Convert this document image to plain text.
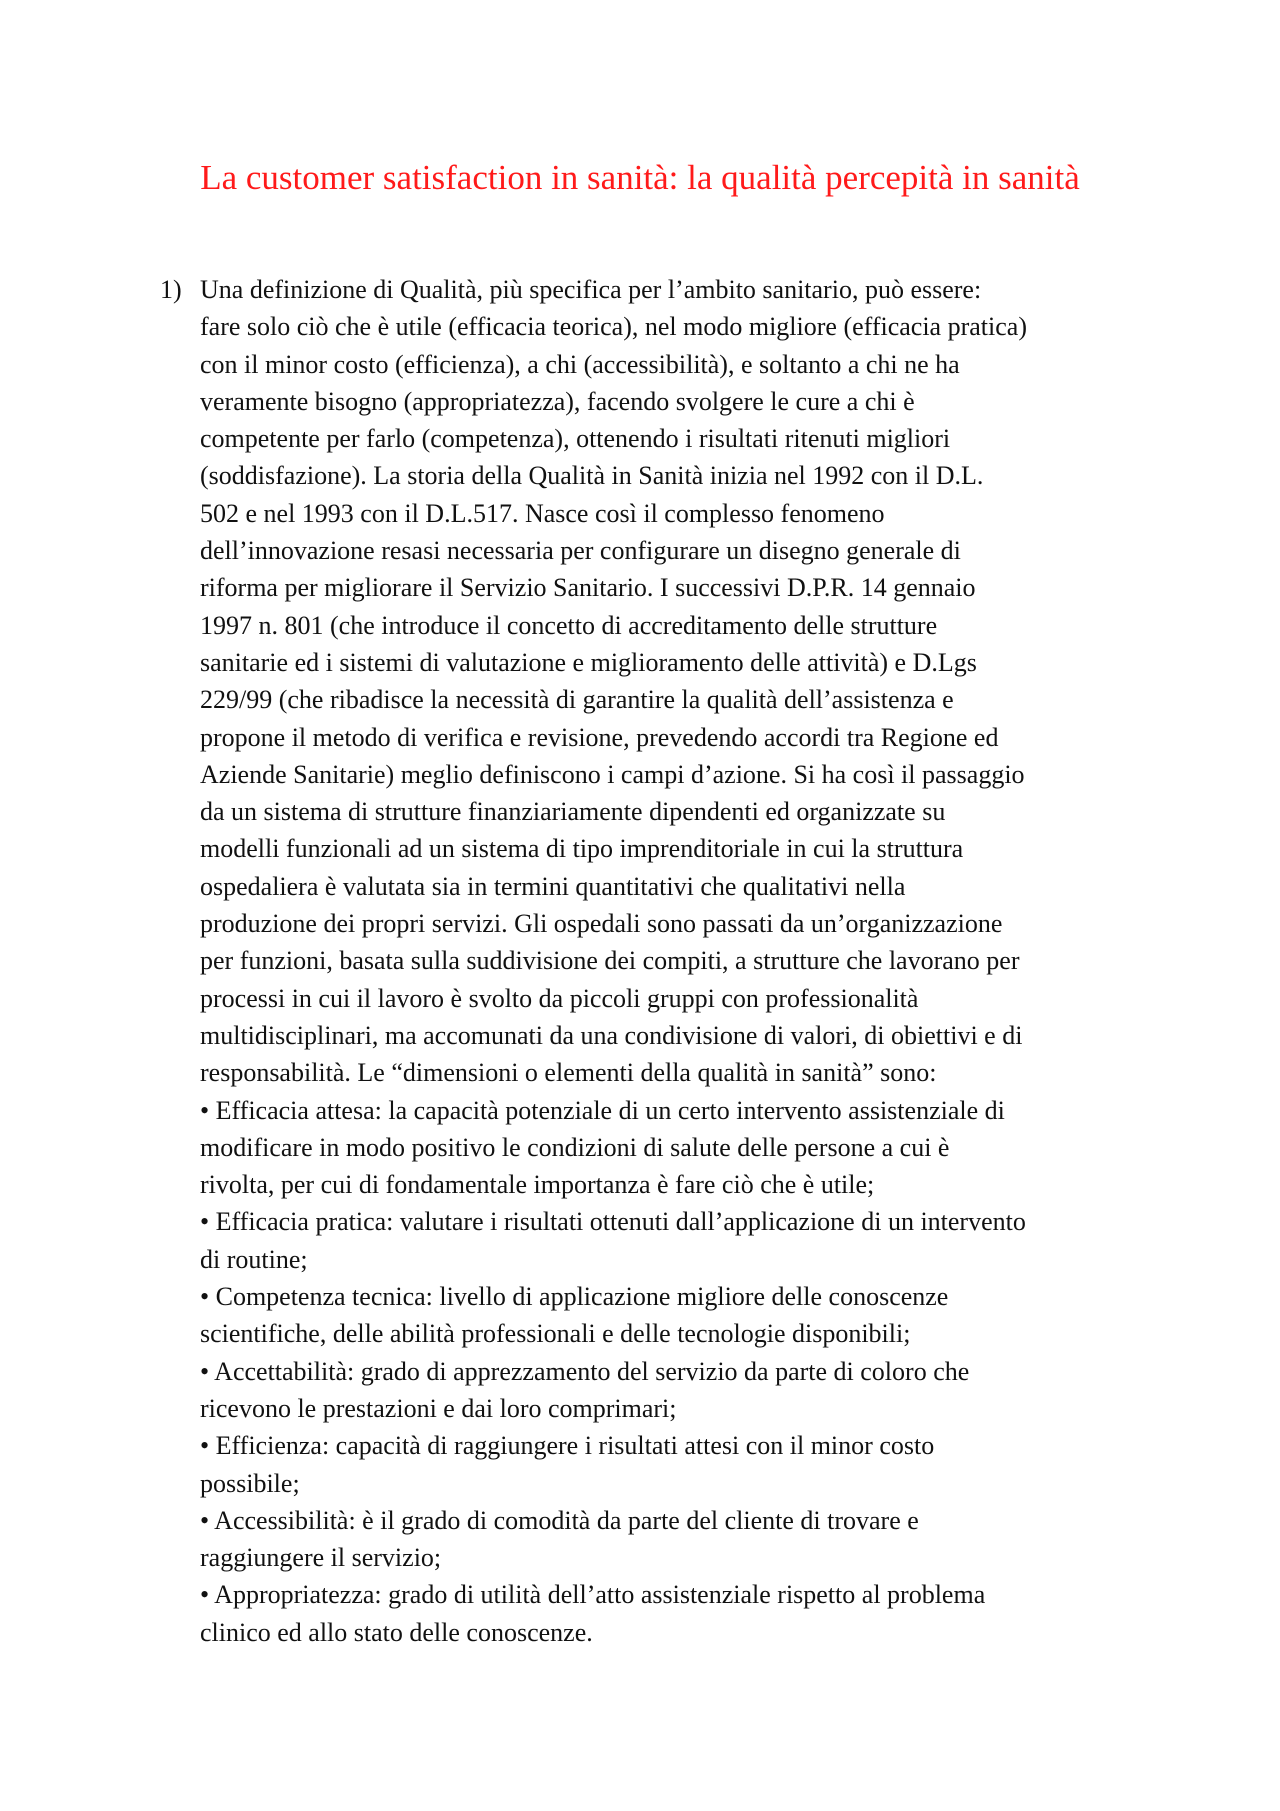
La customer satisfaction in sanità: la qualità percepità in sanità
1) Una definizione di Qualità, più specifica per l’ambito sanitario, può essere:
fare solo ciò che è utile (efficacia teorica), nel modo migliore (efficacia pratica)
con il minor costo (efficienza), a chi (accessibilità), e soltanto a chi ne ha
veramente bisogno (appropriatezza), facendo svolgere le cure a chi è
competente per farlo (competenza), ottenendo i risultati ritenuti migliori
(soddisfazione). La storia della Qualità in Sanità inizia nel 1992 con il D.L.
502 e nel 1993 con il D.L.517. Nasce così il complesso fenomeno
dell’innovazione resasi necessaria per configurare un disegno generale di
riforma per migliorare il Servizio Sanitario. I successivi D.P.R. 14 gennaio
1997 n. 801 (che introduce il concetto di accreditamento delle strutture
sanitarie ed i sistemi di valutazione e miglioramento delle attività) e D.Lgs
229/99 (che ribadisce la necessità di garantire la qualità dell’assistenza e
propone il metodo di verifica e revisione, prevedendo accordi tra Regione ed
Aziende Sanitarie) meglio definiscono i campi d’azione. Si ha così il passaggio
da un sistema di strutture finanziariamente dipendenti ed organizzate su
modelli funzionali ad un sistema di tipo imprenditoriale in cui la struttura
ospedaliera è valutata sia in termini quantitativi che qualitativi nella
produzione dei propri servizi. Gli ospedali sono passati da un’organizzazione
per funzioni, basata sulla suddivisione dei compiti, a strutture che lavorano per
processi in cui il lavoro è svolto da piccoli gruppi con professionalità
multidisciplinari, ma accomunati da una condivisione di valori, di obiettivi e di
responsabilità. Le “dimensioni o elementi della qualità in sanità” sono:
• Efficacia attesa: la capacità potenziale di un certo intervento assistenziale di
modificare in modo positivo le condizioni di salute delle persone a cui è
rivolta, per cui di fondamentale importanza è fare ciò che è utile;
• Efficacia pratica: valutare i risultati ottenuti dall’applicazione di un intervento
di routine;
• Competenza tecnica: livello di applicazione migliore delle conoscenze
scientifiche, delle abilità professionali e delle tecnologie disponibili;
• Accettabilità: grado di apprezzamento del servizio da parte di coloro che
ricevono le prestazioni e dai loro comprimari;
• Efficienza: capacità di raggiungere i risultati attesi con il minor costo
possibile;
• Accessibilità: è il grado di comodità da parte del cliente di trovare e
raggiungere il servizio;
• Appropriatezza: grado di utilità dell’atto assistenziale rispetto al problema
clinico ed allo stato delle conoscenze.
